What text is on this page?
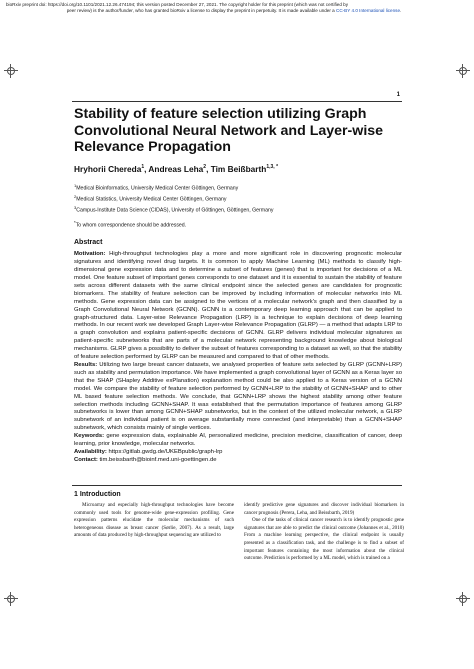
bioRxiv preprint doi: https://doi.org/10.1101/2021.12.26.474194; this version posted December 27, 2021. The copyright holder for this preprint (which was not certified by
peer review) is the author/funder, who has granted bioRxiv a license to display the preprint in perpetuity. It is made available under a CC-BY 4.0 International license.
1
Stability of feature selection utilizing Graph Convolutional Neural Network and Layer-wise Relevance Propagation
Hryhorii Chereda$^1$, Andreas Leha$^2$, Tim Beißbarth$^{1,3, *}$
$^1$Medical Bioinformatics, University Medical Center Göttingen, Germany
$^2$Medical Statistics, University Medical Center Göttingen, Germany
$^3$Campus-Institute Data Science (CIDAS), University of Göttingen, Göttingen, Germany
*To whom correspondence should be addressed.
Abstract

Motivation: High-throughput technologies play a more and more significant role in discovering prognostic molecular signatures and identifying novel drug targets. It is common to apply Machine Learning (ML) methods to classify high-dimensional gene expression data and to determine a subset of features (genes) that is important for decisions of a ML model. One feature subset of important genes corresponds to one dataset and it is essential to sustain the stability of feature sets across different datasets with the same clinical endpoint since the selected genes are candidates for prognostic biomarkers. The stability of feature selection can be improved by including information of molecular networks into ML methods. Gene expression data can be assigned to the vertices of a molecular network's graph and then classified by a Graph Convolutional Neural Network (GCNN). GCNN is a contemporary deep learning approach that can be applied to graph-structured data. Layer-wise Relevance Propagation (LRP) is a technique to explain decisions of deep learning methods. In our recent work we developed Graph Layer-wise Relevance Propagation (GLRP) — a method that adapts LRP to a graph convolution and explains patient-specific decisions of GCNN. GLRP delivers individual molecular signatures as patient-specific subnetworks that are parts of a molecular network representing background knowledge about biological mechanisms. GLRP gives a possibility to deliver the subset of features corresponding to a dataset as well, so that the stability of feature selection performed by GLRP can be measured and compared to that of other methods.

Results: Utilizing two large breast cancer datasets, we analysed properties of feature sets selected by GLRP (GCNN+LRP) such as stability and permutation importance. We have implemented a graph convolutional layer of GCNN as a Keras layer so that the SHAP (SHapley Additive exPlanation) explanation method could be also applied to a Keras version of a GCNN model. We compare the stability of feature selection performed by GCNN+LRP to the stability of GCNN+SHAP and to other ML based feature selection methods. We conclude, that GCNN+LRP shows the highest stability among other feature selection methods including GCNN+SHAP. It was established that the permutation importance of features among GLRP subnetworks is lower than among GCNN+SHAP subnetworks, but in the context of the utilized molecular network, a GLRP subnetwork of an individual patient is on average substantially more connected (and interpretable) than a GCNN+SHAP subnetwork, which consists mainly of single vertices.

Keywords: gene expression data, explainable AI, personalized medicine, precision medicine, classification of cancer, deep learning, prior knowledge, molecular networks.

Availability: https://gitlab.gwdg.de/UKEBpublic/graph-lrp

Contact: tim.beissbarth@bioinf.med.uni-goettingen.de

1 Introduction

Microarray and especially high-throughput technologies have become commonly used tools for genome-wide gene-expression profiling. Gene expression patterns elucidate the molecular mechanisms of such heterogeneous disease as breast cancer (Sørlie, 2007). As a result, large amounts of data produced by high-throughput sequencing are utilized to

identify predictive gene signatures and discover individual biomarkers in cancer prognosis (Perera, Leha, and Beissbarth, 2019)

One of the tasks of clinical cancer research is to identify prognostic gene signatures that are able to predict the clinical outcome (Johannes et al., 2010) From a machine learning perspective, the clinical endpoint is usually presented as a classification task, and the challenge is to find a subset of important features containing the most information about the clinical outcome. Prediction is performed by a ML model, which is trained on a
